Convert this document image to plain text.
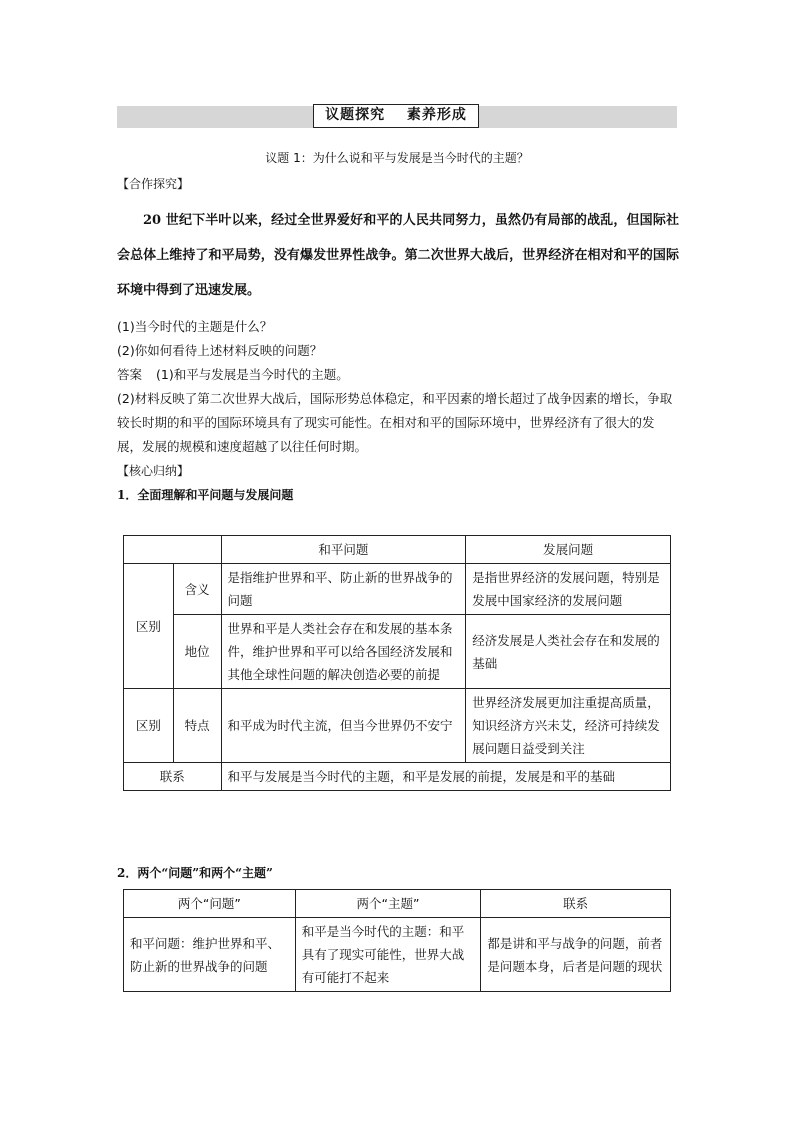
议题探究 素养形成
议题 1：为什么说和平与发展是当今时代的主题？
【合作探究】

20 世纪下半叶以来，经过全世界爱好和平的人民共同努力，虽然仍有局部的战乱，但国际社会总体上维持了和平局势，没有爆发世界性战争。第二次世界大战后，世界经济在相对和平的国际环境中得到了迅速发展。

(1)当今时代的主题是什么？

(2)你如何看待上述材料反映的问题？

答案 (1)和平与发展是当今时代的主题。

(2)材料反映了第二次世界大战后，国际形势总体稳定，和平因素的增长超过了战争因素的增长，争取较长时期的和平的国际环境具有了现实可能性。在相对和平的国际环境中，世界经济有了很大的发展，发展的规模和速度超越了以往任何时期。

【核心归纳】

1．全面理解和平问题与发展问题

		和平问题	发展问题
区别	含义	是指维护世界和平、防止新的世界战争的问题	是指世界经济的发展问题，特别是发展中国家经济的发展问题
	地位	世界和平是人类社会存在和发展的基本条件，维护世界和平可以给各国经济发展和其他全球性问题的解决创造必要的前提	经济发展是人类社会存在和发展的基础
区别	特点	和平成为时代主流，但当今世界仍不安宁	世界经济发展更加注重提高质量，知识经济方兴未艾，经济可持续发展问题日益受到关注
联系		和平与发展是当今时代的主题，和平是发展的前提，发展是和平的基础	
2．两个“问题”和两个“主题”
两个“问题”	两个“主题”	联系
和平问题：维护世界和平、防止新的世界战争的问题	和平是当今时代的主题：和平具有了现实可能性，世界大战有可能打不起来	都是讲和平与战争的问题，前者是问题本身，后者是问题的现状
